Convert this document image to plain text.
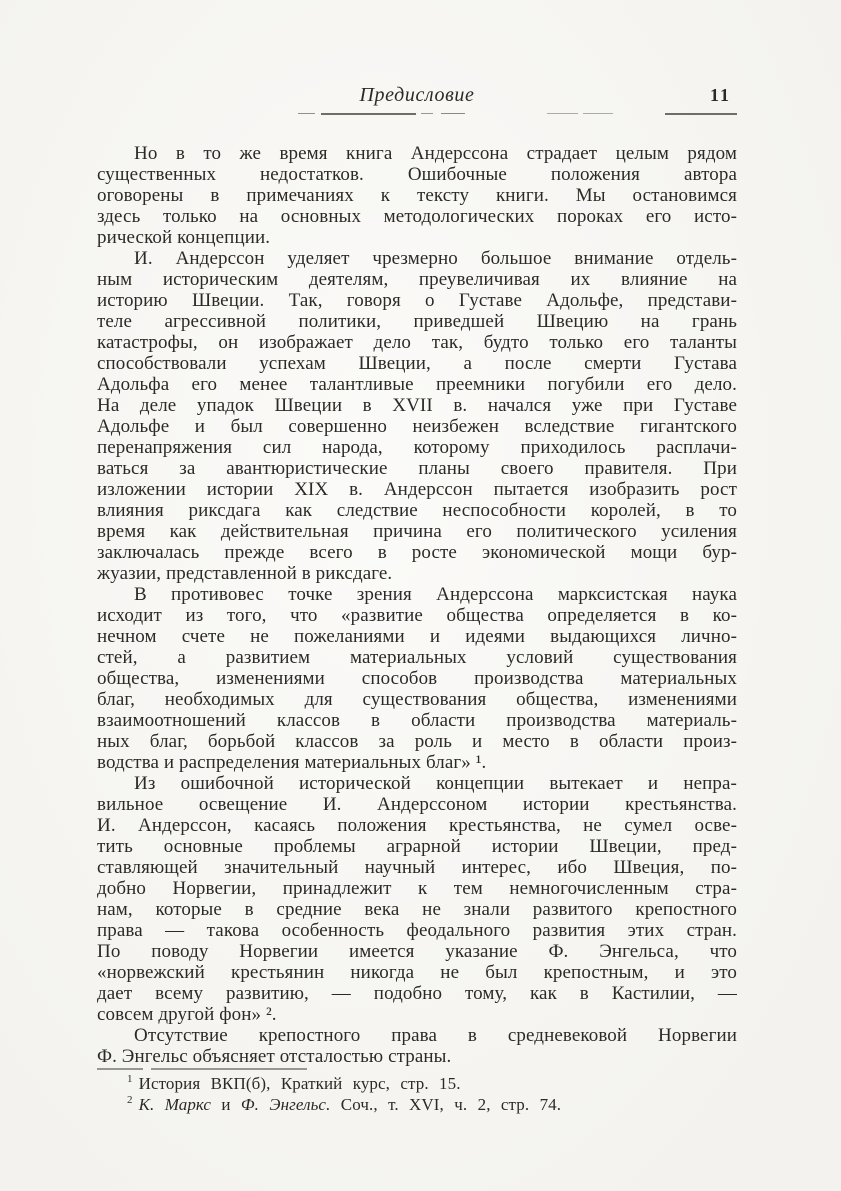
Предисловие	11
Но в то же время книга Андерссона страдает целым рядом
существенных недостатков. Ошибочные положения автора
оговорены в примечаниях к тексту книги. Мы остановимся
здесь только на основных методологических пороках его исто-
рической концепции.
И. Андерссон уделяет чрезмерно большое внимание отдель-
ным историческим деятелям, преувеличивая их влияние на
историю Швеции. Так, говоря о Густаве Адольфе, представи-
теле агрессивной политики, приведшей Швецию на грань
катастрофы, он изображает дело так, будто только его таланты
способствовали успехам Швеции, а после смерти Густава
Адольфа его менее талантливые преемники погубили его дело.
На деле упадок Швеции в XVII в. начался уже при Густаве
Адольфе и был совершенно неизбежен вследствие гигантского
перенапряжения сил народа, которому приходилось расплачи-
ваться за авантюристические планы своего правителя. При
изложении истории XIX в. Андерссон пытается изобразить рост
влияния риксдага как следствие неспособности королей, в то
время как действительная причина его политического усиления
заключалась прежде всего в росте экономической мощи бур-
жуазии, представленной в риксдаге.
В противовес точке зрения Андерссона марксистская наука
исходит из того, что «развитие общества определяется в ко-
нечном счете не пожеланиями и идеями выдающихся лично-
стей, а развитием материальных условий существования
общества, изменениями способов производства материальных
благ, необходимых для существования общества, изменениями
взаимоотношений классов в области производства материаль-
ных благ, борьбой классов за роль и место в области произ-
водства и распределения материальных благ» ¹.
Из ошибочной исторической концепции вытекает и непра-
вильное освещение И. Андерссоном истории крестьянства.
И. Андерссон, касаясь положения крестьянства, не сумел осве-
тить основные проблемы аграрной истории Швеции, пред-
ставляющей значительный научный интерес, ибо Швеция, по-
добно Норвегии, принадлежит к тем немногочисленным стра-
нам, которые в средние века не знали развитого крепостного
права — такова особенность феодального развития этих стран.
По поводу Норвегии имеется указание Ф. Энгельса, что
«норвежский крестьянин никогда не был крепостным, и это
дает всему развитию, — подобно тому, как в Кастилии, —
совсем другой фон» ².
Отсутствие крепостного права в средневековой Норвегии
Ф. Энгельс объясняет отсталостью страны.
$^1$ История ВКП(б), Краткий курс, стр. 15.
$^2$ К. Маркс и Ф. Энгельс. Соч., т. XVI, ч. 2, стр. 74.
